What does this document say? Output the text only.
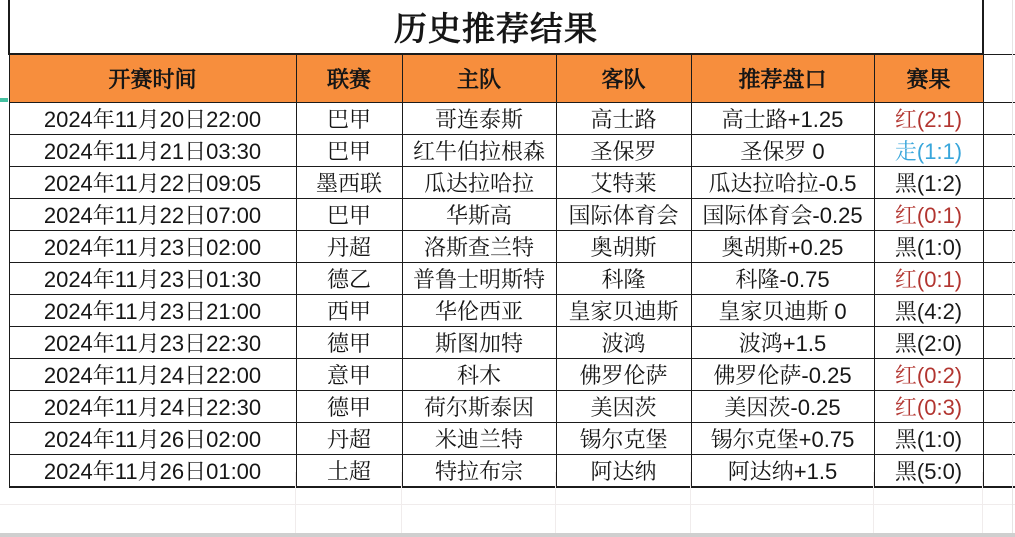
历史推荐结果						
开赛时间	联赛	主队	客队	推荐盘口	赛果	
2024年11月20日22:00	巴甲	哥连泰斯	高士路	高士路+1.25	红(2:1)	
2024年11月21日03:30	巴甲	红牛伯拉根森	圣保罗	圣保罗 0	走(1:1)	
2024年11月22日09:05	墨西联	瓜达拉哈拉	艾特莱	瓜达拉哈拉-0.5	黑(1:2)	
2024年11月22日07:00	巴甲	华斯高	国际体育会	国际体育会-0.25	红(0:1)	
2024年11月23日02:00	丹超	洛斯查兰特	奥胡斯	奥胡斯+0.25	黑(1:0)	
2024年11月23日01:30	德乙	普鲁士明斯特	科隆	科隆-0.75	红(0:1)	
2024年11月23日21:00	西甲	华伦西亚	皇家贝迪斯	皇家贝迪斯 0	黑(4:2)	
2024年11月23日22:30	德甲	斯图加特	波鸿	波鸿+1.5	黑(2:0)	
2024年11月24日22:00	意甲	科木	佛罗伦萨	佛罗伦萨-0.25	红(0:2)	
2024年11月24日22:30	德甲	荷尔斯泰因	美因茨	美因茨-0.25	红(0:3)	
2024年11月26日02:00	丹超	米迪兰特	锡尔克堡	锡尔克堡+0.75	黑(1:0)	
2024年11月26日01:00	土超	特拉布宗	阿达纳	阿达纳+1.5	黑(5:0)	
